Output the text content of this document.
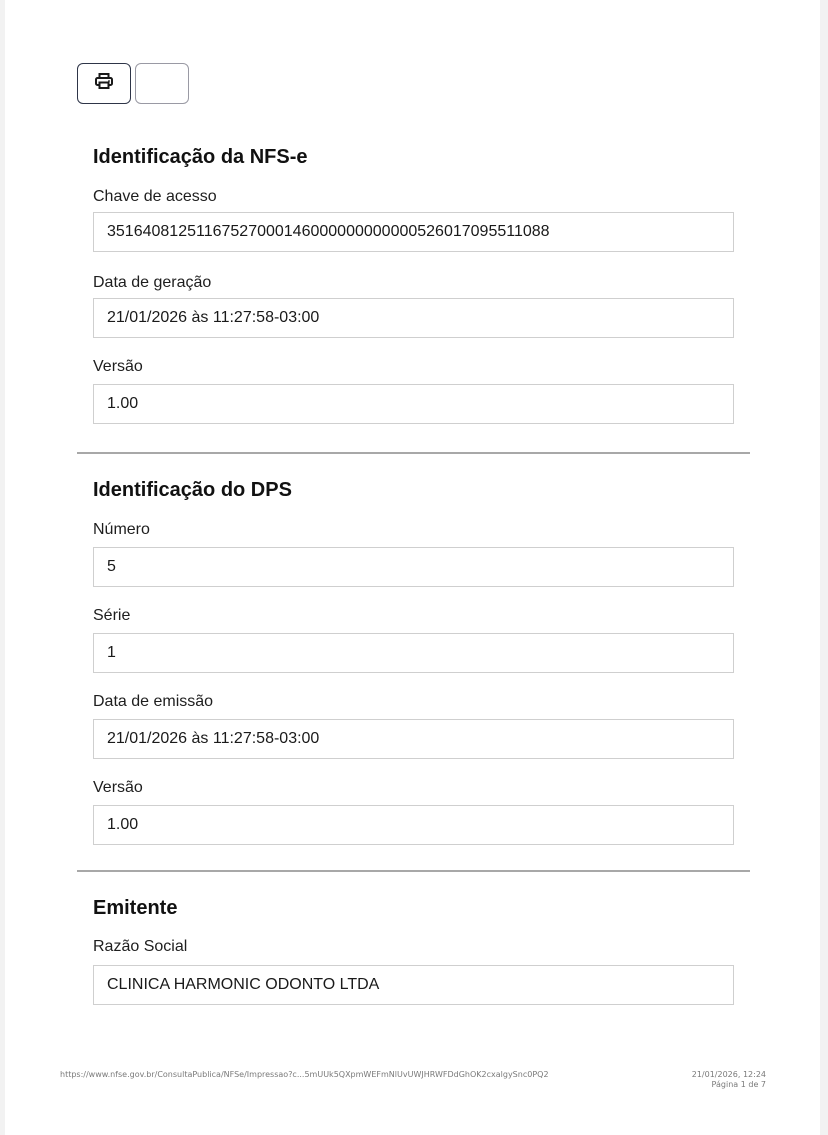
Identificação da NFS-e
Chave de acesso
35164081251167527000146000000000000526017095511088
Data de geração
21/01/2026 às 11:27:58-03:00
Versão
1.00
Identificação do DPS
Número
5
Série
1
Data de emissão
21/01/2026 às 11:27:58-03:00
Versão
1.00
Emitente
Razão Social
CLINICA HARMONIC ODONTO LTDA
https://www.nfse.gov.br/ConsultaPublica/NFSe/Impressao?c...5mUUk5QXpmWEFmNlUvUWJHRWFDdGhOK2cxalgySnc0PQ2	21/01/2026, 12:24
Página 1 de 7
